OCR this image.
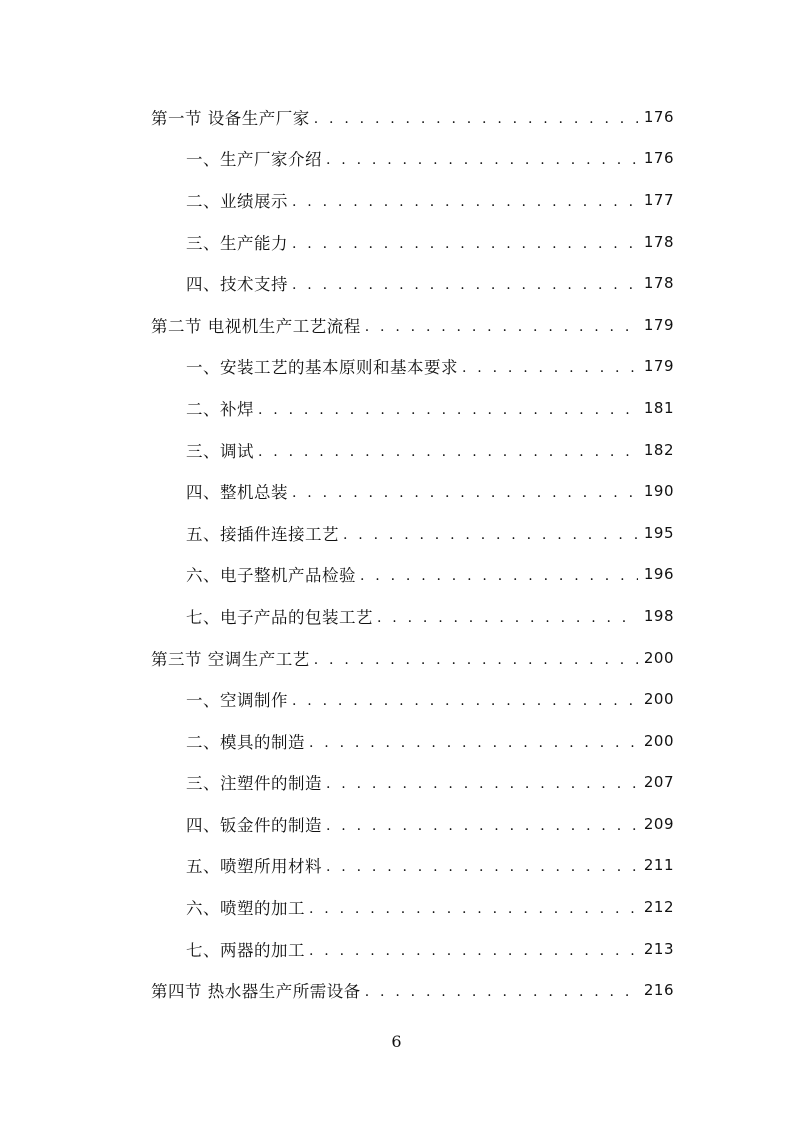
第一节 设备生产厂家 . . .	176
一、生产厂家介绍 . . .	176
二、业绩展示 . . .	177
三、生产能力 . . .	178
四、技术支持 . . .	178
第二节 电视机生产工艺流程 . . .	179
一、安装工艺的基本原则和基本要求 . . .	179
二、补焊 . . .	181
三、调试 . . .	182
四、整机总装 . . .	190
五、接插件连接工艺 . . .	195
六、电子整机产品检验 . . .	196
七、电子产品的包装工艺 . . .	198
第三节 空调生产工艺 . . .	200
一、空调制作 . . .	200
二、模具的制造 . . .	200
三、注塑件的制造 . . .	207
四、钣金件的制造 . . .	209
五、喷塑所用材料 . . .	211
六、喷塑的加工 . . .	212
七、两器的加工 . . .	213
第四节 热水器生产所需设备 . . .	216
6
